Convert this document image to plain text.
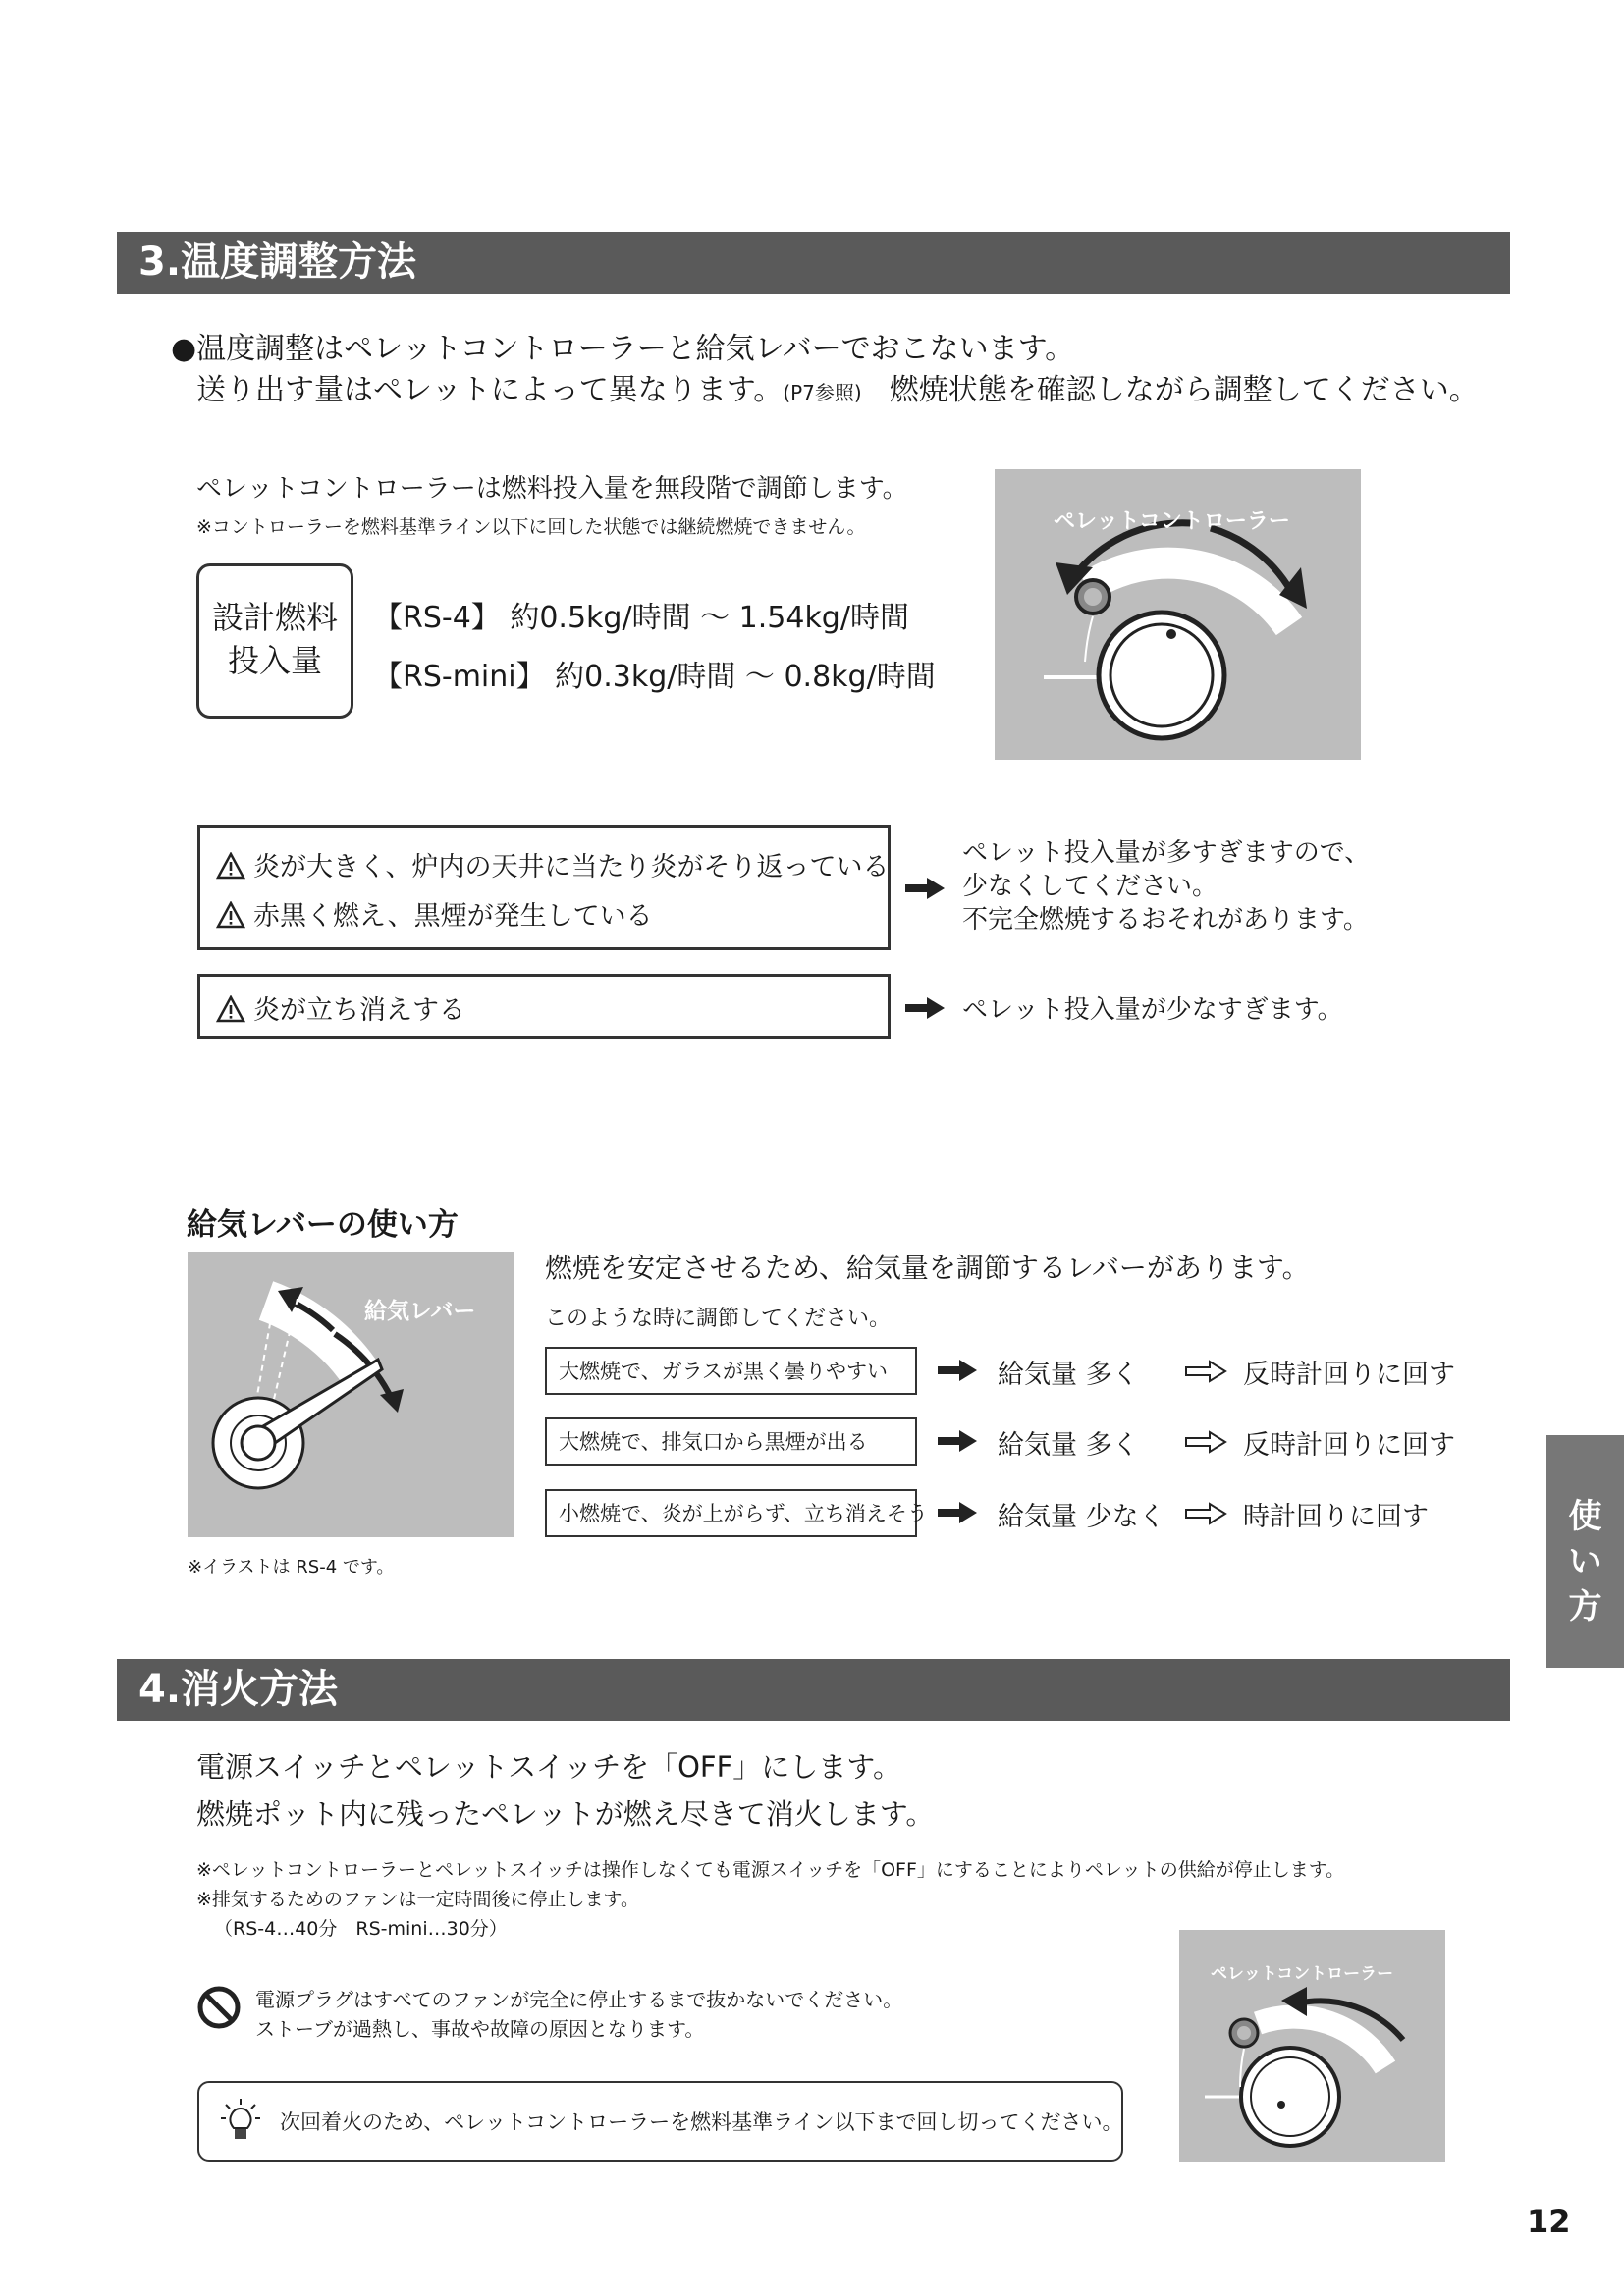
3.温度調整方法
●温度調整はペレットコントローラーと給気レバーでおこないます。
送り出す量はペレットによって異なります。(P7参照) 燃焼状態を確認しながら調整してください。
ペレットコントローラーは燃料投入量を無段階で調節します。
※コントローラーを燃料基準ライン以下に回した状態では継続燃焼できません。
設計燃料
投入量
【RS-4】 約0.5kg/時間 〜 1.54kg/時間
【RS-mini】 約0.3kg/時間 〜 0.8kg/時間
ペレットコントローラー
炎が大きく、炉内の天井に当たり炎がそり返っている
赤黒く燃え、黒煙が発生している
ペレット投入量が多すぎますので、
少なくしてください。
不完全燃焼するおそれがあります。
炎が立ち消えする	ペレット投入量が少なすぎます。
給気レバーの使い方
給気レバー
※イラストは RS-4 です。
燃焼を安定させるため、給気量を調節するレバーがあります。
このような時に調節してください。
大燃焼で、ガラスが黒く曇りやすい	給気量 多く	反時計回りに回す
大燃焼で、排気口から黒煙が出る	給気量 多く	反時計回りに回す
小燃焼で、炎が上がらず、立ち消えそう	給気量 少なく	時計回りに回す	使
い
方
4.消火方法
電源スイッチとペレットスイッチを「OFF」にします。
燃焼ポット内に残ったペレットが燃え尽きて消火します。
※ペレットコントローラーとペレットスイッチは操作しなくても電源スイッチを「OFF」にすることによりペレットの供給が停止します。
※排気するためのファンは一定時間後に停止します。
（RS-4…40分　RS-mini…30分）
電源プラグはすべてのファンが完全に停止するまで抜かないでください。
ストーブが過熱し、事故や故障の原因となります。
次回着火のため、ペレットコントローラーを燃料基準ライン以下まで回し切ってください。
ペレットコントローラー
12
